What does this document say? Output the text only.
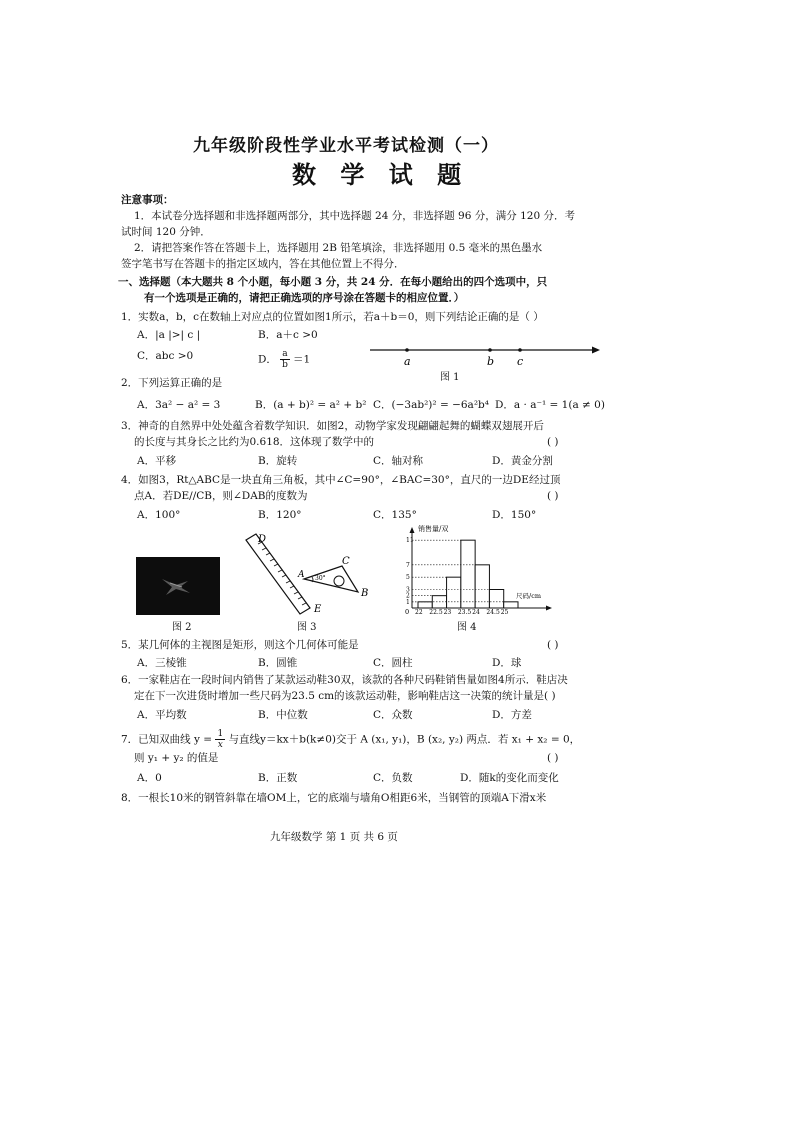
九年级阶段性学业水平考试检测（一）
数 学 试 题
注意事项：
1．本试卷分选择题和非选择题两部分，其中选择题 24 分，非选择题 96 分，满分 120 分．考
试时间 120 分钟．
2．请把答案作答在答题卡上，选择题用 2B 铅笔填涂，非选择题用 0.5 毫米的黑色墨水
签字笔书写在答题卡的指定区域内，答在其他位置上不得分．
一、选择题（本大题共 8 个小题，每小题 3 分，共 24 分．在每小题给出的四个选项中，只
有一个选项是正确的，请把正确选项的序号涂在答题卡的相应位置．）
1．实数a，b，c在数轴上对应点的位置如图1所示，若a＋b＝0，则下列结论正确的是（ ）
A．|a |>| c |	B．a＋c >0
C．abc >0	D． $\frac{a}{b} =1$	a	b c
图 1
2．下列运算正确的是
A．3a² − a² = 3	B．(a + b)² = a² + b² C．(−3ab²)² = −6a²b⁴ D．a · a⁻¹ = 1(a ≠ 0)
3．神奇的自然界中处处蕴含着数学知识．如图2，动物学家发现翩翩起舞的蝴蝶双翅展开后
的长度与其身长之比约为0.618．这体现了数学中的	( )
A．平移	B．旋转	C．轴对称	D．黄金分割
4．如图3，Rt△ABC是一块直角三角板，其中∠C=90°，∠BAC=30°，直尺的一边DE经过顶
点A．若DE//CB，则∠DAB的度数为	( )
A．100°	B．120°	C．135°	D．150°
图 2
D
A 30°
C
B
E
图 3
销售量/双
尺码/cm
0 22 22.5 23 23.5 24 24.5 25
1
2
3
5
7
11
图 4
5．某几何体的主视图是矩形，则这个几何体可能是	( )
A．三棱锥	B．圆锥	C．圆柱	D．球
6．一家鞋店在一段时间内销售了某款运动鞋30双，该款的各种尺码鞋销售量如图4所示．鞋店决
定在下一次进货时增加一些尺码为23.5 cm的该款运动鞋，影响鞋店这一决策的统计量是( )
A．平均数	B．中位数	C．众数	D．方差
7．已知双曲线 $y = \frac{1}{x}$ 与直线y＝kx＋b(k≠0)交于 A (x₁, y₁)，B (x₂, y₂) 两点．若 x₁ + x₂ = 0，
则 y₁ + y₂ 的值是	( )
A．0	B．正数	C．负数	D．随k的变化而变化
8．一根长10米的钢管斜靠在墙OM上，它的底端与墙角O相距6米，当钢管的顶端A下滑x米
九年级数学 第 1 页 共 6 页
